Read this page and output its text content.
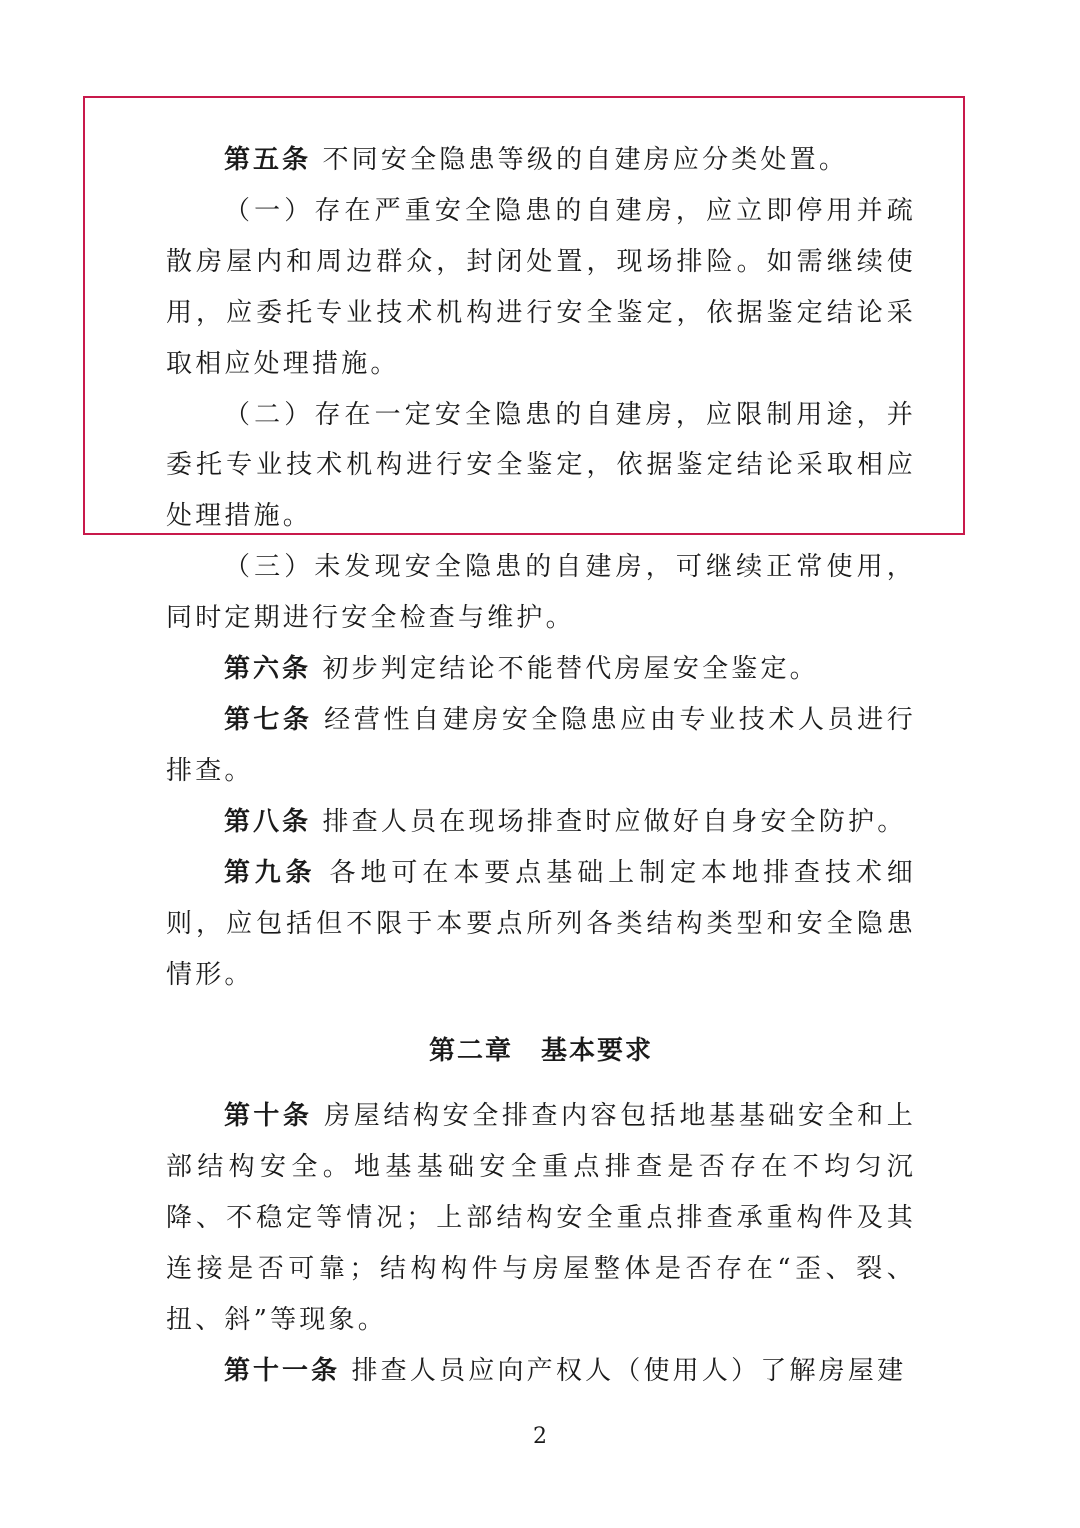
第五条 不同安全隐患等级的自建房应分类处置。

（一）存在严重安全隐患的自建房，应立即停用并疏散房屋内和周边群众，封闭处置，现场排险。如需继续使用，应委托专业技术机构进行安全鉴定，依据鉴定结论采取相应处理措施。

（二）存在一定安全隐患的自建房，应限制用途，并委托专业技术机构进行安全鉴定，依据鉴定结论采取相应处理措施。

（三）未发现安全隐患的自建房，可继续正常使用，同时定期进行安全检查与维护。

第六条 初步判定结论不能替代房屋安全鉴定。

第七条 经营性自建房安全隐患应由专业技术人员进行排查。

第八条 排查人员在现场排查时应做好自身安全防护。

第九条 各地可在本要点基础上制定本地排查技术细则，应包括但不限于本要点所列各类结构类型和安全隐患情形。

第二章　基本要求

第十条 房屋结构安全排查内容包括地基基础安全和上部结构安全。地基基础安全重点排查是否存在不均匀沉降、不稳定等情况；上部结构安全重点排查承重构件及其连接是否可靠；结构构件与房屋整体是否存在“歪、裂、扭、斜”等现象。

第十一条 排查人员应向产权人（使用人）了解房屋建

2
